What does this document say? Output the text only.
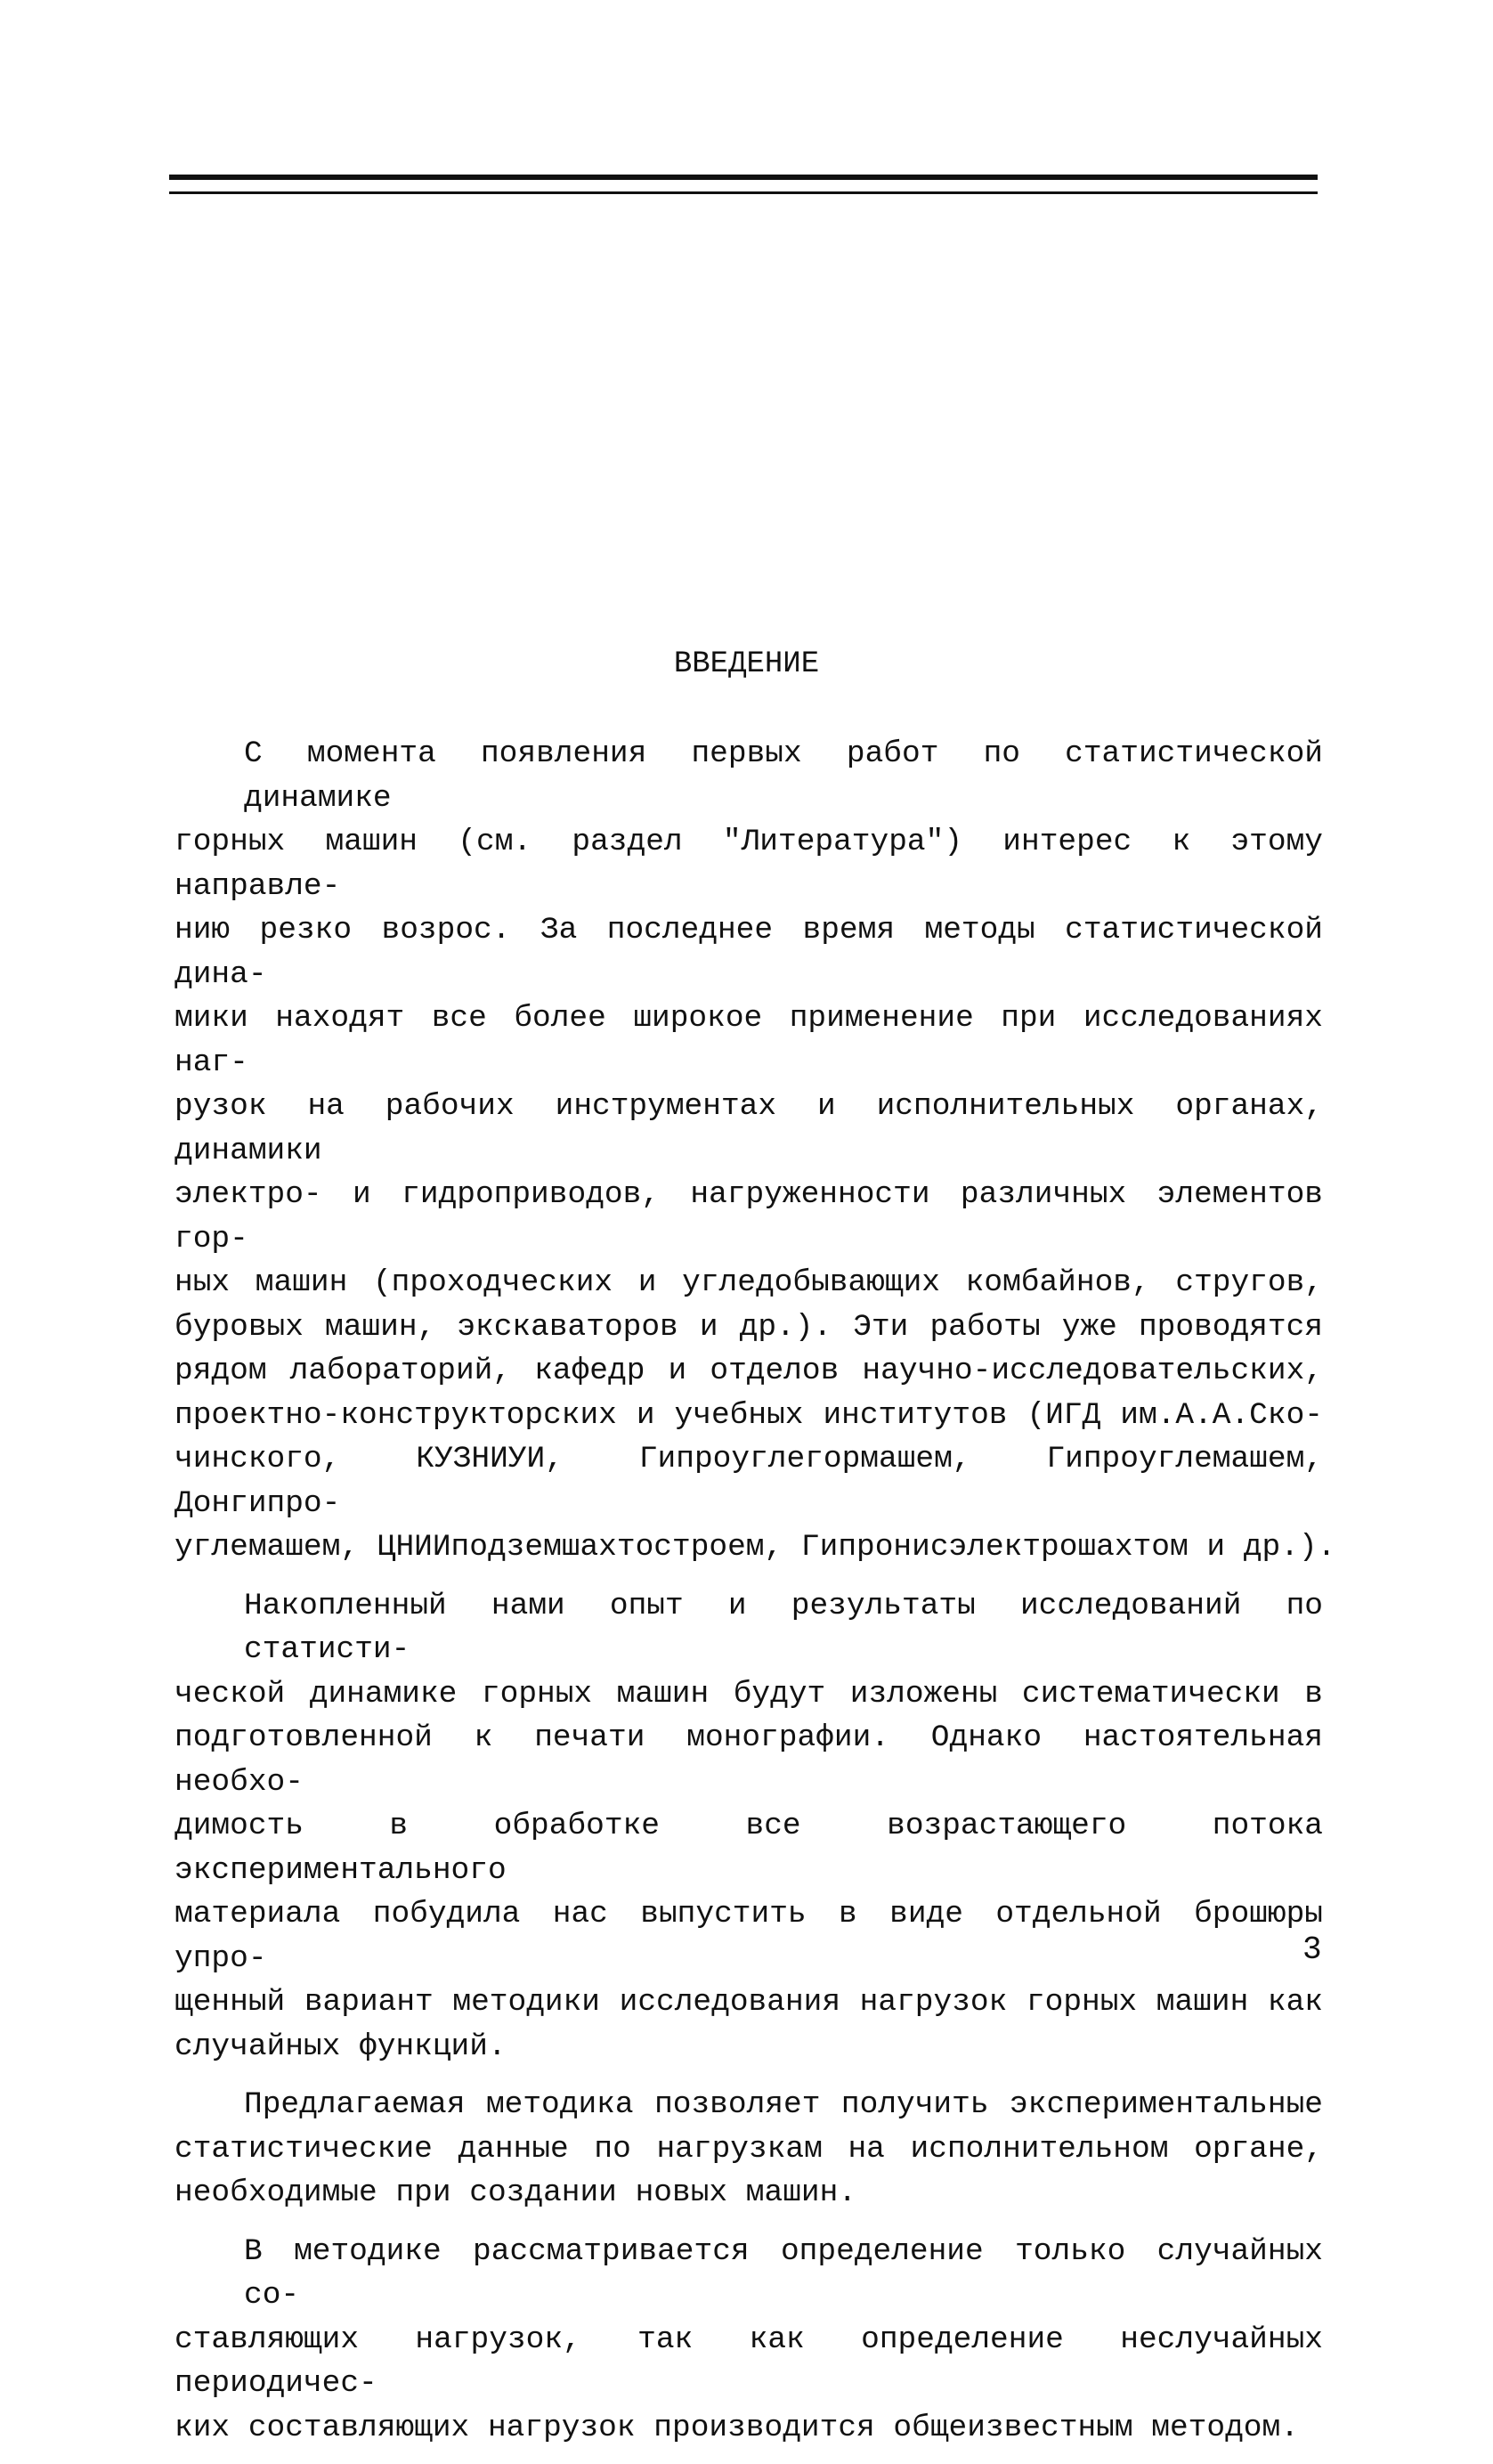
ВВЕДЕНИЕ
С момента появления первых работ по статистической динамике
горных машин (см. раздел "Литература") интерес к этому направле-
нию резко возрос. За последнее время методы статистической дина-
мики находят все более широкое применение при исследованиях наг-
рузок на рабочих инструментах и исполнительных органах, динамики
электро- и гидроприводов, нагруженности различных элементов гор-
ных машин (проходческих и угледобывающих комбайнов, стругов,
буровых машин, экскаваторов и др.). Эти работы уже проводятся
рядом лабораторий, кафедр и отделов научно-исследовательских,
проектно-конструкторских и учебных институтов (ИГД им.А.А.Ско-
чинского, КУЗНИУИ, Гипроуглегормашем, Гипроуглемашем, Донгипро-
углемашем, ЦНИИподземшахтостроем, Гипронисэлектрошахтом и др.).
Накопленный нами опыт и результаты исследований по статисти-
ческой динамике горных машин будут изложены систематически в
подготовленной к печати монографии. Однако настоятельная необхо-
димость в обработке все возрастающего потока экспериментального
материала побудила нас выпустить в виде отдельной брошюры упро-
щенный вариант методики исследования нагрузок горных машин как
случайных функций.
Предлагаемая методика позволяет получить экспериментальные
статистические данные по нагрузкам на исполнительном органе,
необходимые при создании новых машин.
В методике рассматривается определение только случайных со-
ставляющих нагрузок, так как определение неслучайных периодичес-
ких составляющих нагрузок производится общеизвестным методом.
3
